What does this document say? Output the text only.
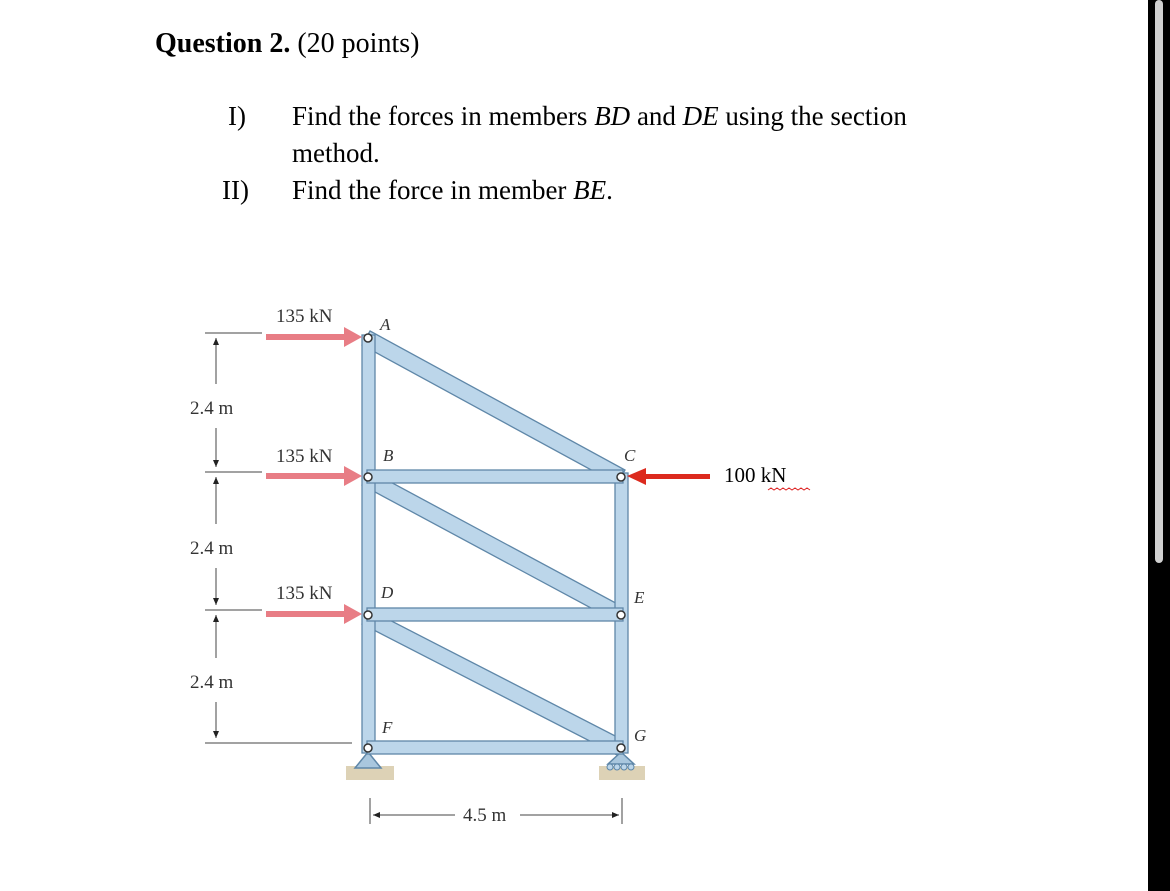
Question 2. (20 points)
I) Find the forces in members BD and DE using the section
method.
II) Find the force in member BE.
135 kN
135 kN
135 kN
100 kN
A
B	C
D	E
F	G
2.4 m
2.4 m
2.4 m
4.5 m
